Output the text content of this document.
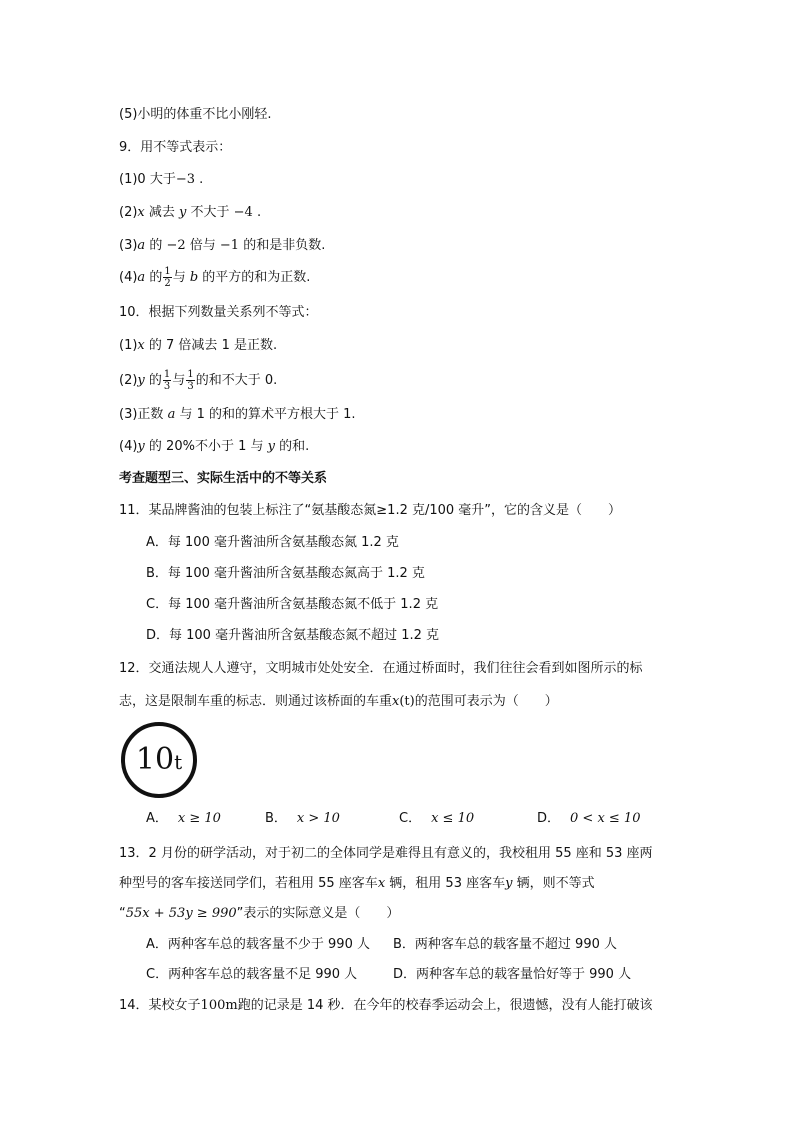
(5)小明的体重不比小刚轻.
9．用不等式表示：
(1)0 大于−3 .
(2)x 减去 y 不大于 −4 .
(3)a 的 −2 倍与 −1 的和是非负数.
(4)a 的 $\frac{1}{2}$ 与 b 的平方的和为正数.
10．根据下列数量关系列不等式：
(1)x 的 7 倍减去 1 是正数.
(2)y 的 $\frac{1}{3}$ 与 $\frac{1}{3}$ 的和不大于 0.
(3)正数 a 与 1 的和的算术平方根大于 1.
(4)y 的 20%不小于 1 与 y 的和.
考查题型三、实际生活中的不等关系
11．某品牌酱油的包装上标注了“氨基酸态氮≥1.2 克/100 毫升”，它的含义是（　　）
A．每 100 毫升酱油所含氨基酸态氮 1.2 克
B．每 100 毫升酱油所含氨基酸态氮高于 1.2 克
C．每 100 毫升酱油所含氨基酸态氮不低于 1.2 克
D．每 100 毫升酱油所含氨基酸态氮不超过 1.2 克
12．交通法规人人遵守，文明城市处处安全．在通过桥面时，我们往往会看到如图所示的标
志，这是限制车重的标志．则通过该桥面的车重x(t)的范围可表示为（　　）
10t
A． x ≥ 10	B． x > 10	C． x ≤ 10	D． 0 < x ≤ 10
13．2 月份的研学活动，对于初二的全体同学是难得且有意义的，我校租用 55 座和 53 座两
种型号的客车接送同学们，若租用 55 座客车x 辆，租用 53 座客车y 辆，则不等式
“55x + 53y ≥ 990”表示的实际意义是（　　）
A．两种客车总的载客量不少于 990 人 B．两种客车总的载客量不超过 990 人
C．两种客车总的载客量不足 990 人	D．两种客车总的载客量恰好等于 990 人
14．某校女子100m跑的记录是 14 秒．在今年的校春季运动会上，很遗憾，没有人能打破该
